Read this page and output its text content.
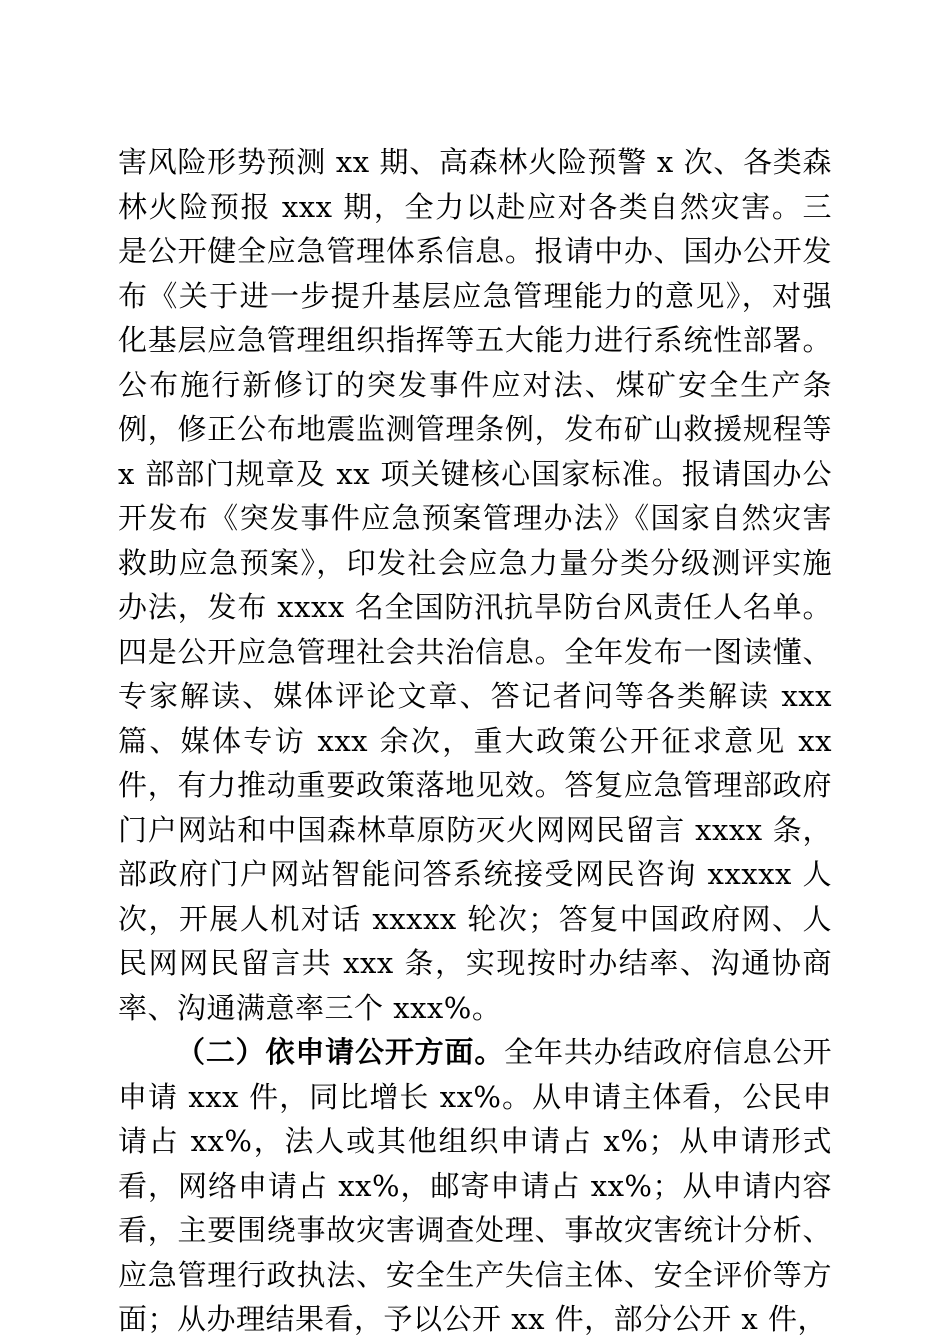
害风险形势预测 xx 期、高森林火险预警 x 次、各类森林火险预报 xxx 期，全力以赴应对各类自然灾害。三是公开健全应急管理体系信息。报请中办、国办公开发布《关于进一步提升基层应急管理能力的意见》，对强化基层应急管理组织指挥等五大能力进行系统性部署。公布施行新修订的突发事件应对法、煤矿安全生产条例，修正公布地震监测管理条例，发布矿山救援规程等 x 部部门规章及 xx 项关键核心国家标准。报请国办公开发布《突发事件应急预案管理办法》《国家自然灾害救助应急预案》，印发社会应急力量分类分级测评实施办法，发布 xxxx 名全国防汛抗旱防台风责任人名单。四是公开应急管理社会共治信息。全年发布一图读懂、专家解读、媒体评论文章、答记者问等各类解读 xxx 篇、媒体专访 xxx 余次，重大政策公开征求意见 xx 件，有力推动重要政策落地见效。答复应急管理部政府门户网站和中国森林草原防灭火网网民留言 xxxx 条，部政府门户网站智能问答系统接受网民咨询 xxxxx 人次，开展人机对话 xxxxx 轮次；答复中国政府网、人民网网民留言共 xxx 条，实现按时办结率、沟通协商率、沟通满意率三个 xxx%。

（二）依申请公开方面。全年共办结政府信息公开申请 xxx 件，同比增长 xx%。从申请主体看，公民申请占 xx%，法人或其他组织申请占 x%；从申请形式看，网络申请占 xx%，邮寄申请占 xx%；从申请内容看，主要围绕事故灾害调查处理、事故灾害统计分析、应急管理行政执法、安全生产失信主体、安全评价等方面；从办理结果看，予以公开 xx 件，部分公开 x 件，
